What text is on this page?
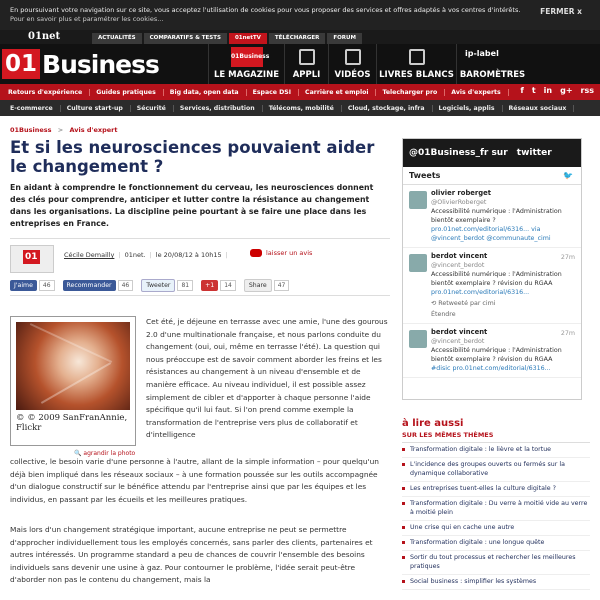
En poursuivant votre navigation sur ce site, vous acceptez l'utilisation de cookies pour vous proposer des services et offres adaptés à vos centres d'intérêts.
Pour en savoir plus et paramétrer les cookies...
FERMER x
01net	ACTUALITÉS	COMPARATIFS & TESTS	01netTV	TÉLÉCHARGER	FORUM
01 Business	01Business
LE MAGAZINE	APPLI	VIDÉOS	LIVRES BLANCS
ip-label
BAROMÈTRES
Retours d'expérience	Guides pratiques	Big data, open data	Espace DSI	Carrière et emploi	Telecharger pro	Avis d'experts	f t in g+ rss
E-commerce	Culture start-up	Sécurité	Services, distribution	Télécoms, mobilité	Cloud, stockage, infra	Logiciels, applis	Réseaux sociaux
01Business > Avis d'expert
Et si les neurosciences pouvaient aider le changement ?

En aidant à comprendre le fonctionnement du cerveau, les neurosciences donnent des clés pour comprendre, anticiper et lutter contre la résistance au changement dans les organisations. La discipline peine pourtant à se faire une place dans les entreprises en France.

01	Cécile Demailly | 01net. | le 20/08/12 à 10h15 |	laisser un avis
J'aime	46	Recommander	46	Tweeter	81	+1	14	Share	47
© © 2009 SanFranAnnie, Flickr
🔍 agrandir la photo

Cet été, je déjeune en terrasse avec une amie, l'une des gourous 2.0 d'une multinationale française, et nous parlons conduite du changement (oui, oui, même en terrasse l'été). La question qui nous préoccupe est de savoir comment aborder les freins et les résistances au changement à un niveau d'ensemble et de manière efficace. Au niveau individuel, il est possible assez simplement de cibler et d'apporter à chaque personne l'aide spécifique qu'il lui faut. Si l'on prend comme exemple la transformation de l'entreprise vers plus de collaboratif et d'intelligence

collective, le besoin varie d'une personne à l'autre, allant de la simple information – pour quelqu'un déjà bien impliqué dans les réseaux sociaux – à une formation poussée sur les outils accompagnée d'un dialogue constructif sur le bénéfice attendu par l'entreprise ainsi que par les équipes et les individus, en passant par les écueils et les meilleures pratiques.

Mais lors d'un changement stratégique important, aucune entreprise ne peut se permettre d'approcher individuellement tous les employés concernés, sans parler des clients, partenaires et autres intéressés. Un programme standard a peu de chances de couvrir l'ensemble des besoins individuels sans devenir une usine à gaz. Pour contourner le problème, l'idée serait peut-être d'aborder non pas le contenu du changement, mais la

@01Business_fr sur twitter
Tweets	🐦
olivier roberget
@OlivierRoberget
Accessibilité numérique : l'Administration bientôt exemplaire ?
pro.01net.com/editorial/6316... via
@vincent_berdot @communaute_cimi
berdot vincent	27m
@vincent_berdot
Accessibilité numérique : l'Administration bientôt exemplaire ? révision du RGAA
pro.01net.com/editorial/6316...
⟲ Retweeté par cimi
Étendre
berdot vincent	27m
@vincent_berdot
Accessibilité numérique : l'Administration bientôt exemplaire ? révision du RGAA
#disic pro.01net.com/editorial/6316...
à lire aussi
SUR LES MÊMES THÈMES
Transformation digitale : le lièvre et la tortue
L'incidence des groupes ouverts ou fermés sur la dynamique collaborative
Les entreprises tuent-elles la culture digitale ?
Transformation digitale : Du verre à moitié vide au verre à moitié plein
Une crise qui en cache une autre
Transformation digitale : une longue quête
Sortir du tout processus et rechercher les meilleures pratiques
Social business : simplifier les systèmes
